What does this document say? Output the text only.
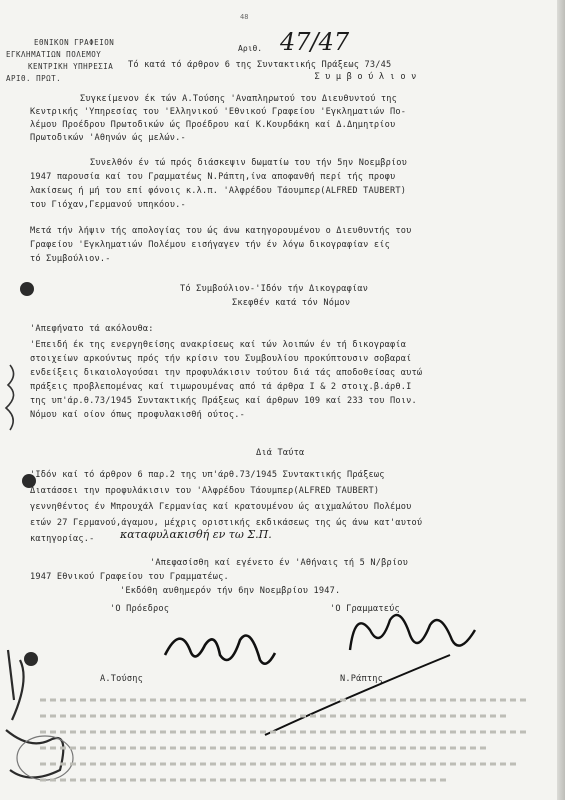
ΕΘΝΙΚΟΝ ΓΡΑΦΕΙΟΝ
ΕΓΚΛΗΜΑΤΙΩΝ ΠΟΛΕΜΟΥ
ΚΕΝΤΡΙΚΗ ΥΠΗΡΕΣΙΑ
ΑΡΙΘ. ΠΡΩΤ.
48
Αριθ. 47/47
Τό κατά τό άρθρον 6 της Συντακτικής Πράξεως 73/45
Σ υ μ β ο ύ λ ι ο ν
Συγκείμενον έκ τών Α.Τούσης 'Αναπληρωτού του Διευθυντού της
Κεντρικής 'Υπηρεσίας του 'Ελληνικού 'Εθνικού Γραφείου 'Εγκληματιών Πο-
λέμου Προέδρου Πρωτοδικών ώς Προέδρου καί Κ.Κουρδάκη καί Δ.Δημητρίου
Πρωτοδικών 'Αθηνών ώς μελών.-
Συνελθόν έν τώ πρός διάσκεψιν δωματίω του τήν 5ην Νοεμβρίου
1947 παρουσία καί του Γραμματέως Ν.Ράπτη,ίνα αποφανθή περί τής προφυ
λακίσεως ή μή του επί φόνοις κ.λ.π. 'Αλφρέδου Τάουμπερ(ALFRED TAUBERT)
του Γιόχαν,Γερμανού υπηκόου.-
Μετά τήν λήψιν τής απολογίας του ώς άνω κατηγορουμένου ο Διευθυντής του
Γραφείου 'Εγκληματιών Πολέμου εισήγαγεν τήν έν λόγω δικογραφίαν είς
τό Συμβούλιον.-
Τό Συμβούλιον-'Ιδόν τήν Δικογραφίαν
Σκεφθέν κατά τόν Νόμον
'Απεφήνατο τά ακόλουθα:
'Επειδή έκ της ενεργηθείσης ανακρίσεως καί τών λοιπών έν τή δικογραφία
στοιχείων αρκούντως πρός τήν κρίσιν του Συμβουλίου προκύπτουσιν σοβαραί
ενδείξεις δικαιολογούσαι την προφυλάκισιν τούτου διά τάς αποδοθείσας αυτώ
πράξεις προβλεπομένας καί τιμωρουμένας από τά άρθρα Ι & 2 στοιχ.β.άρθ.Ι
της υπ'άρ.θ.73/1945 Συντακτικής Πράξεως καί άρθρων 109 καί 233 του Ποιν.
Νόμου καί οίον όπως προφυλακισθή ούτος.-
Διά Ταύτα
'Ιδόν καί τό άρθρον 6 παρ.2 της υπ'άρθ.73/1945 Συντακτικής Πράξεως
Διατάσσει την προφυλάκισιν του 'Αλφρέδου Τάουμπερ(ALFRED TAUBERT)
γεννηθέντος έν Μπρουχάλ Γερμανίας καί κρατουμένου ώς αιχμαλώτου Πολέμου
ετών 27 Γερμανού,άγαμου, μέχρις οριστικής εκδικάσεως της ώς άνω κατ'αυτού
κατηγορίας.-	καταφυλακισθή εν τω Σ.Π.
'Απεφασίσθη καί εγένετο έν 'Αθήναις τή 5 Ν/βρίου
1947 Εθνικού Γραφείου του Γραμματέως.
'Εκδόθη αυθημερόν τήν 6ην Νοεμβρίου 1947.
'Ο Πρόεδρος	'Ο Γραμματεύς
Α.Τούσης	Ν.Ράπτης
